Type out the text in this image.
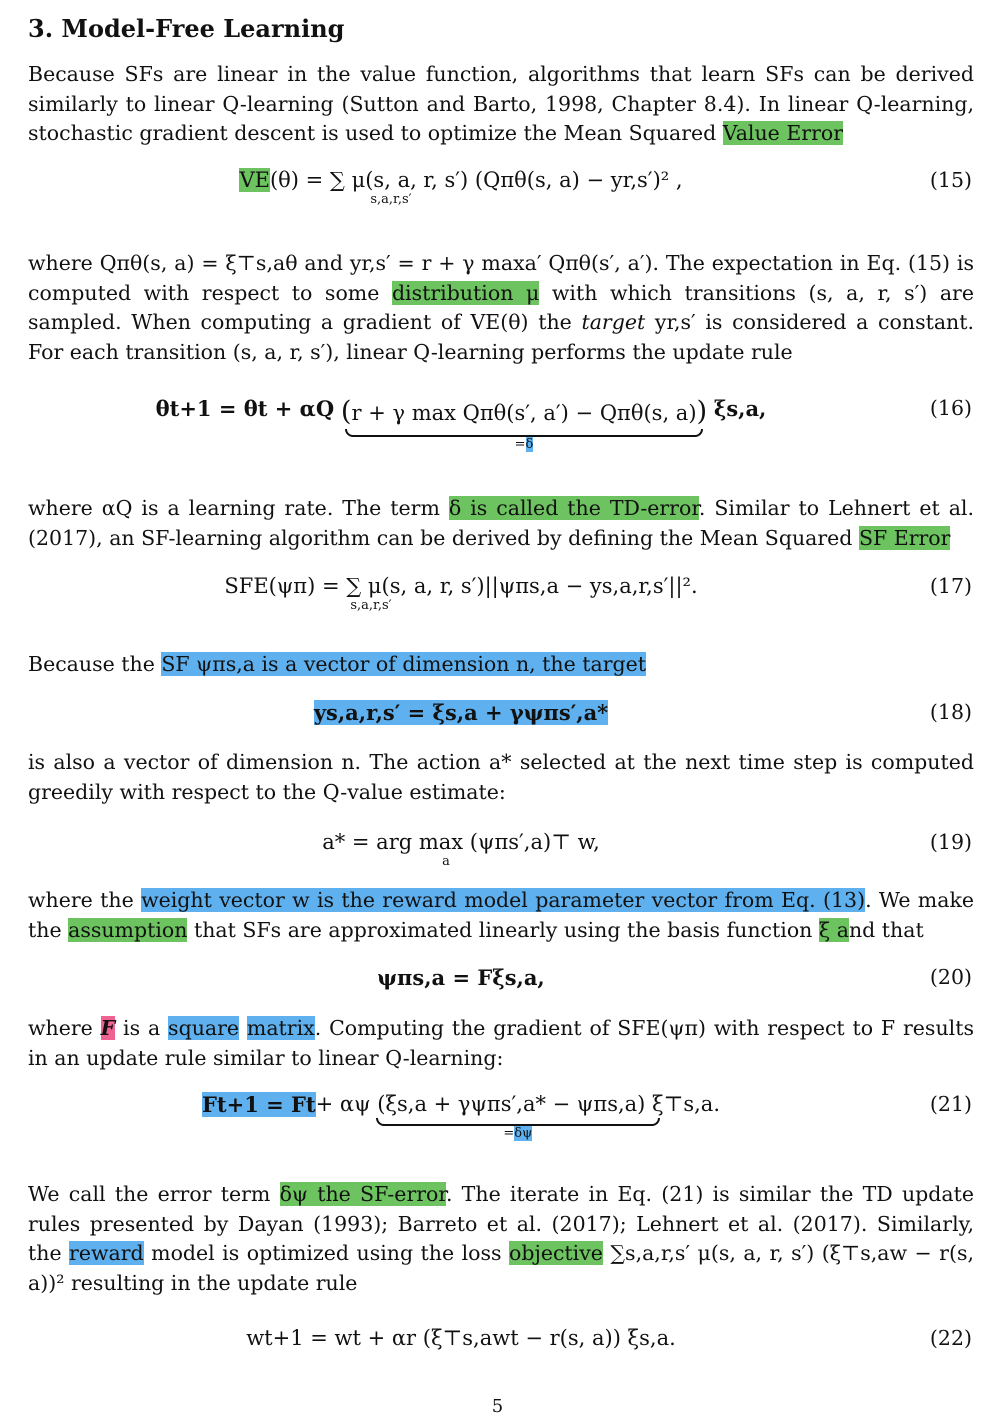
3. Model-Free Learning

Because SFs are linear in the value function, algorithms that learn SFs can be derived similarly to linear Q-learning (Sutton and Barto, 1998, Chapter 8.4). In linear Q-learning, stochastic gradient descent is used to optimize the Mean Squared Value Error

VE(θ) = ∑ μ(s, a, r, s′) (Qπθ(s, a) − yr,s′)² ,
s,a,r,s′
(15)

where Qπθ(s, a) = ξ⊤s,aθ and yr,s′ = r + γ maxa′ Qπθ(s′, a′). The expectation in Eq. (15) is computed with respect to some distribution μ with which transitions (s, a, r, s′) are sampled. When computing a gradient of VE(θ) the target yr,s′ is considered a constant. For each transition (s, a, r, s′), linear Q-learning performs the update rule

θt+1 = θt + αQ (r + γ max Qπθ(s′, a′) − Qπθ(s, a))
=δ
ξs,a,	(16)

where αQ is a learning rate. The term δ is called the TD-error. Similar to Lehnert et al. (2017), an SF-learning algorithm can be derived by defining the Mean Squared SF Error

SFE(ψπ) = ∑ μ(s, a, r, s′)||ψπs,a − ys,a,r,s′||².
s,a,r,s′
(17)

Because the SF ψπs,a is a vector of dimension n, the target

ys,a,r,s′ = ξs,a + γψπs′,a*	(18)

is also a vector of dimension n. The action a* selected at the next time step is computed greedily with respect to the Q-value estimate:

a* = arg max (ψπs′,a)⊤ w,
a
(19)

where the weight vector w is the reward model parameter vector from Eq. (13). We make the assumption that SFs are approximated linearly using the basis function ξ and that

ψπs,a = Fξs,a,	(20)

where F is a square matrix. Computing the gradient of SFE(ψπ) with respect to F results in an update rule similar to linear Q-learning:

Ft+1 = Ft+ αψ (ξs,a + γψπs′,a* − ψπs,a) ξ⊤s,a.
=δψ
(21)

We call the error term δψ the SF-error. The iterate in Eq. (21) is similar the TD update rules presented by Dayan (1993); Barreto et al. (2017); Lehnert et al. (2017). Similarly, the reward model is optimized using the loss objective ∑s,a,r,s′ μ(s, a, r, s′) (ξ⊤s,aw − r(s, a))² resulting in the update rule

wt+1 = wt + αr (ξ⊤s,awt − r(s, a)) ξs,a.	(22)
5
